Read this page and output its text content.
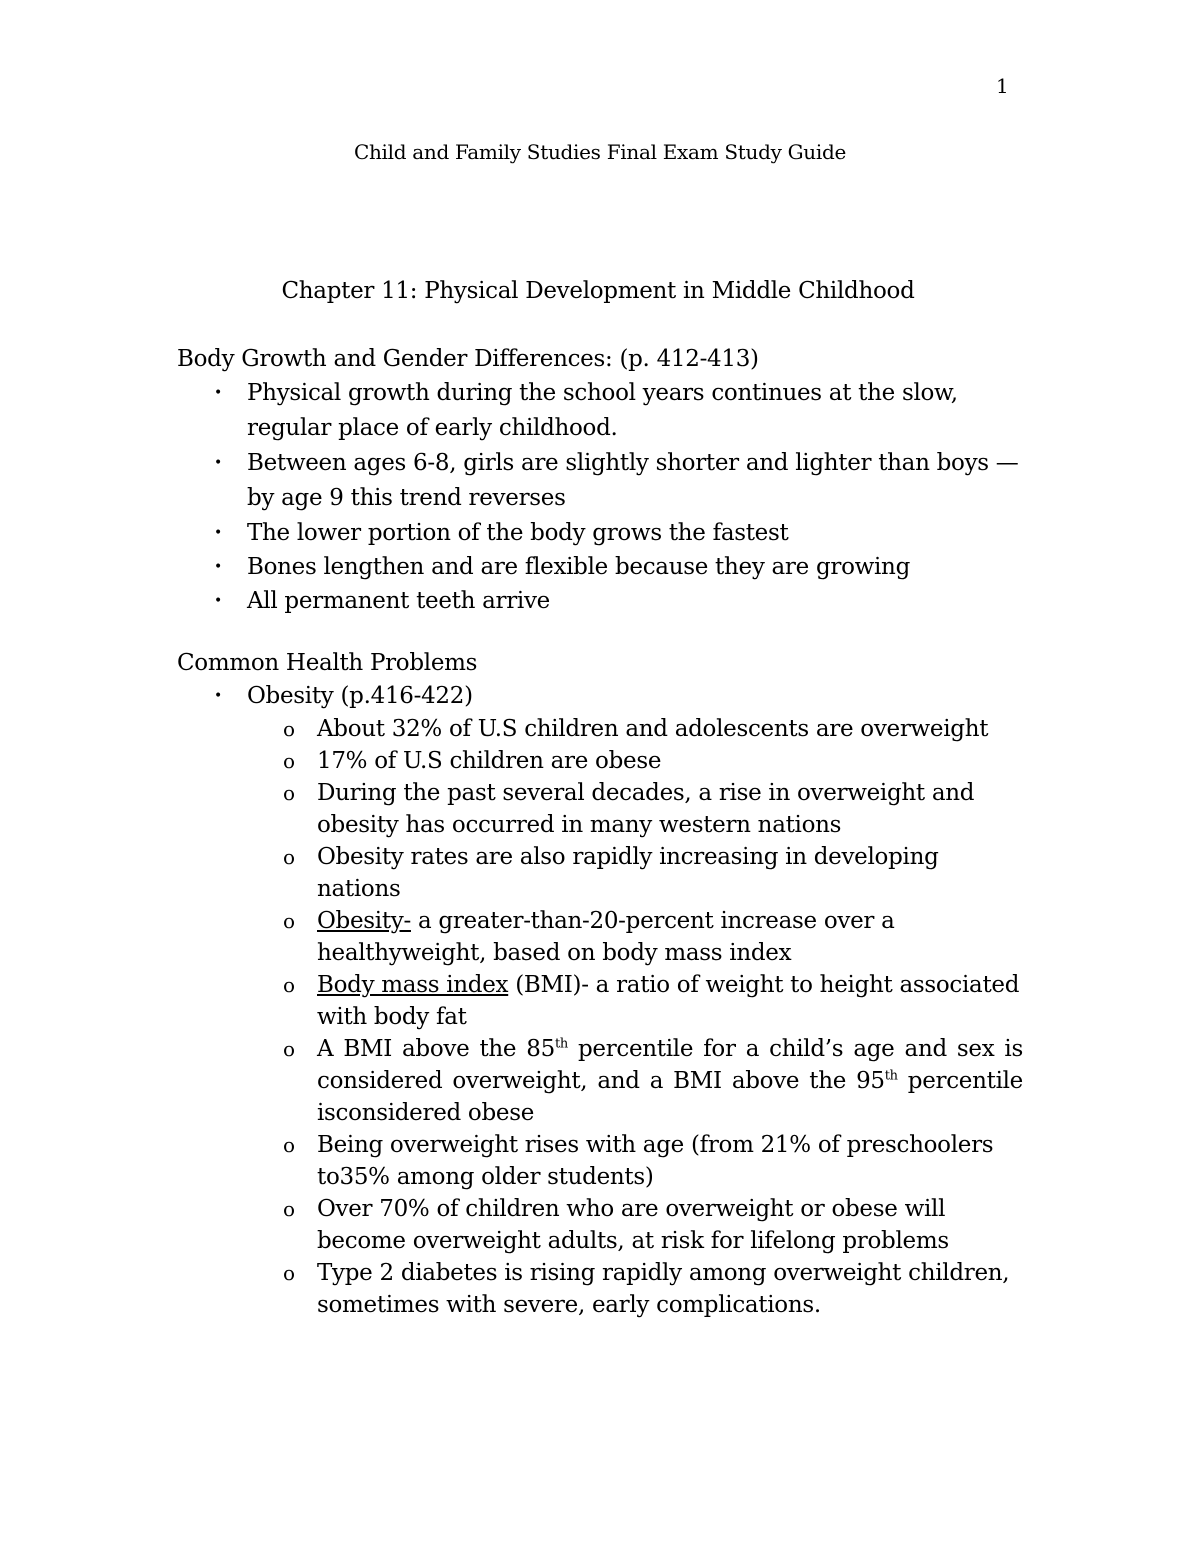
1
Child and Family Studies Final Exam Study Guide
Chapter 11: Physical Development in Middle Childhood
Body Growth and Gender Differences: (p. 412-413)
• Physical growth during the school years continues at the slow, regular place of early childhood.
• Between ages 6-8, girls are slightly shorter and lighter than boys —by age 9 this trend reverses
• The lower portion of the body grows the fastest
• Bones lengthen and are flexible because they are growing
• All permanent teeth arrive
Common Health Problems
• Obesity (p.416-422)
o About 32% of U.S children and adolescents are overweight
o 17% of U.S children are obese
o During the past several decades, a rise in overweight and obesity has occurred in many western nations
o Obesity rates are also rapidly increasing in developing nations
o Obesity- a greater-than-20-percent increase over a healthyweight, based on body mass index
o Body mass index (BMI)- a ratio of weight to height associated with body fat
o A BMI above the 85th percentile for a child’s age and sex is considered overweight, and a BMI above the 95th percentile isconsidered obese
o Being overweight rises with age (from 21% of preschoolers to35% among older students)
o Over 70% of children who are overweight or obese will become overweight adults, at risk for lifelong problems
o Type 2 diabetes is rising rapidly among overweight children, sometimes with severe, early complications.
